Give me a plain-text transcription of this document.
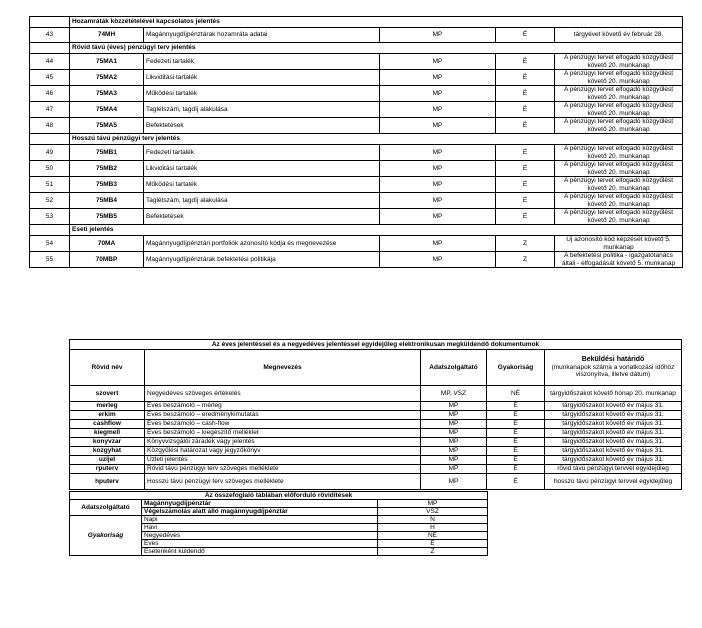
	Hozamráták közzétételével kapcsolatos jelentés				
43	74MH	Magánnyugdíjpénztárak hozamráta adatai	MP	É	tárgyévet követő év február 28.
	Rövid távú (éves) pénzügyi terv jelentés				
44	75MA1	Fedezeti tartalék	MP	É	A pénzügyi tervet elfogadó közgyűlést követő 20. munkanap
45	75MA2	Likviditási tartalék	MP	É	A pénzügyi tervet elfogadó közgyűlést követő 20. munkanap
46	75MA3	Működési tartalék	MP	É	A pénzügyi tervet elfogadó közgyűlést követő 20. munkanap
47	75MA4	Taglétszám, tagdíj alakulása	MP	É	A pénzügyi tervet elfogadó közgyűlést követő 20. munkanap
48	75MA5	Befektetések	MP	É	A pénzügyi tervet elfogadó közgyűlést követő 20. munkanap
	Hosszú távú pénzügyi terv jelentés				
49	75MB1	Fedezeti tartalék	MP	É	A pénzügyi tervet elfogadó közgyűlést követő 20. munkanap
50	75MB2	Likviditási tartalék	MP	É	A pénzügyi tervet elfogadó közgyűlést követő 20. munkanap
51	75MB3	Működési tartalék	MP	É	A pénzügyi tervet elfogadó közgyűlést követő 20. munkanap
52	75MB4	Taglétszám, tagdíj alakulása	MP	É	A pénzügyi tervet elfogadó közgyűlést követő 20. munkanap
53	75MB5	Befektetések	MP	É	A pénzügyi tervet elfogadó közgyűlést követő 20. munkanap
	Eseti jelentés				
54	70MA	Magánnyugdíjpénztári portfoliók azonosító kódja és megnevezése	MP	Z	Új azonosító kód képzését követő 5. munkanap
55	70MBP	Magánnyugdíjpénztárak befektetési politikája	MP	Z	A befektetési politika - igazgatótanács általi - elfogadását követő 5. munkanap
Az éves jelentéssel és a negyedéves jelentéssel egyidejűleg elektronikusan megküldendő dokumentumok				
Rövid név	Megnevezés	Adatszolgáltató	Gyakoriság	Beküldési határidő
(munkanapok száma a vonatkozási időhöz viszonyítva, illetve dátum)

szovert	Negyedéves szöveges értékelés	MP, VSZ	NÉ	tárgyidőszakot követő hónap 20. munkanap
merleg	Éves beszámoló – mérleg	MP	É	tárgyidőszakot követő év május 31.
erkim	Éves beszámoló – eredménykimutatás	MP	É	tárgyidőszakot követő év május 31.
cashflow	Éves beszámoló – cash-flow	MP	É	tárgyidőszakot követő év május 31.
kiegmell	Éves beszámoló – kiegészítő melléklet	MP	É	tárgyidőszakot követő év május 31.
konyvzar	Könyvvizsgálói záradék vagy jelentés	MP	É	tárgyidőszakot követő év május 31.
kozgyhat	Közgyűlési határozat vagy jegyzőkönyv	MP	É	tárgyidőszakot követő év május 31.
uzijel	Üzleti jelentés	MP	É	tárgyidőszakot követő év május 31.
rputerv	Rövid távú pénzügyi terv szöveges melléklete	MP	É	rövid távú pénzügyi tervvel egyidejűleg
hputerv	Hosszú távú pénzügyi terv szöveges melléklete	MP	É	hosszú távú pénzügyi tervvel egyidejűleg
Az összefoglaló táblában előforduló rövidítések		
Adatszolgáltató	Magánnyugdíjpénztár	MP
	Végelszámolás alatt álló magánnyugdíjpénztár	VSZ
Gyakoriság	Napi	N
	Havi	H
	Negyedéves	NÉ
	Éves	É
	Esetenként küldendő	Z
